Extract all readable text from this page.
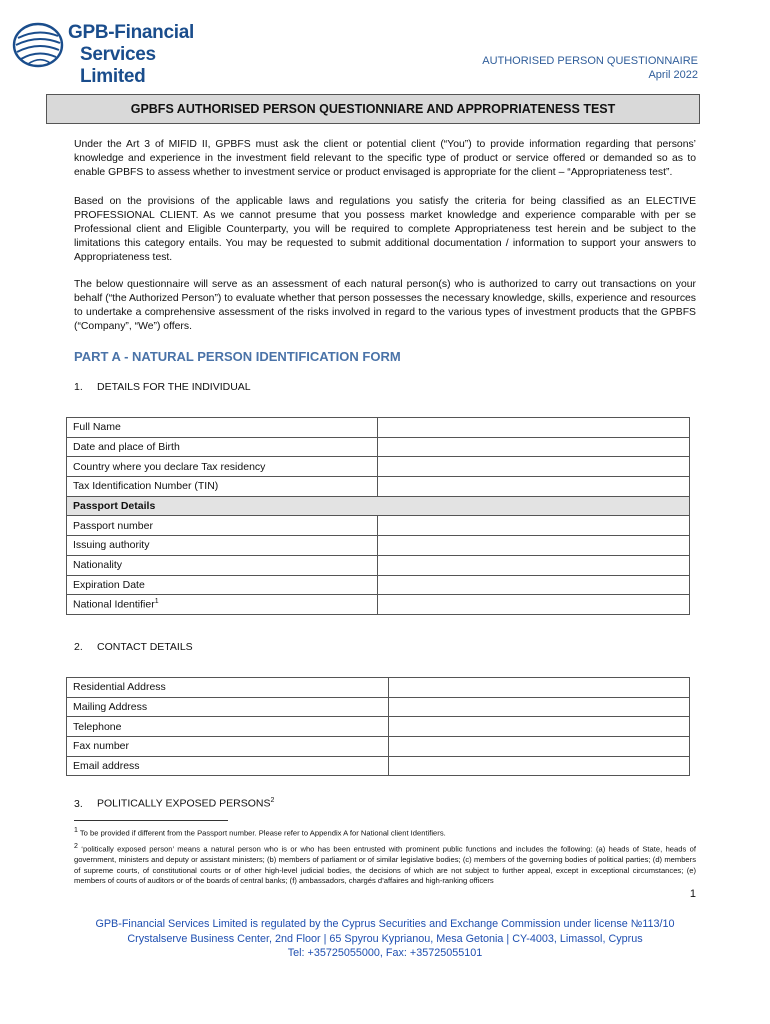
GPB-Financial
Services Limited
AUTHORISED PERSON QUESTIONNAIRE
April 2022
GPBFS AUTHORISED PERSON QUESTIONNIARE AND APPROPRIATENESS TEST
Under the Art 3 of MIFID II, GPBFS must ask the client or potential client (“You”) to provide information regarding that persons’ knowledge and experience in the investment field relevant to the specific type of product or service offered or demanded so as to enable GPBFS to assess whether to investment service or product envisaged is appropriate for the client – “Appropriateness test”.
Based on the provisions of the applicable laws and regulations you satisfy the criteria for being classified as an ELECTIVE PROFESSIONAL CLIENT. As we cannot presume that you possess market knowledge and experience comparable with per se Professional client and Eligible Counterparty, you will be required to complete Appropriateness test herein and be subject to the limitations this category entails. You may be requested to submit additional documentation / information to support your answers to Appropriateness test.
The below questionnaire will serve as an assessment of each natural person(s) who is authorized to carry out transactions on your behalf (“the Authorized Person”) to evaluate whether that person possesses the necessary knowledge, skills, experience and resources to undertake a comprehensive assessment of the risks involved in regard to the various types of investment products that the GPBFS (“Company”, “We”) offers.
PART A - NATURAL PERSON IDENTIFICATION FORM
1. DETAILS FOR THE INDIVIDUAL
Full Name	
Date and place of Birth	
Country where you declare Tax residency	
Tax Identification Number (TIN)	
Passport Details	
Passport number	
Issuing authority	
Nationality	
Expiration Date	
National Identifier$^1$	
2. CONTACT DETAILS
Residential Address	
Mailing Address	
Telephone	
Fax number	
Email address	
3. POLITICALLY EXPOSED PERSONS$^2$

$^1$ To be provided if different from the Passport number. Please refer to Appendix A for National client Identifiers.

$^2$ ‘politically exposed person’ means a natural person who is or who has been entrusted with prominent public functions and includes the following: (a) heads of State, heads of government, ministers and deputy or assistant ministers; (b) members of parliament or of similar legislative bodies; (c) members of the governing bodies of political parties; (d) members of supreme courts, of constitutional courts or of other high-level judicial bodies, the decisions of which are not subject to further appeal, except in exceptional circumstances; (e) members of courts of auditors or of the boards of central banks; (f) ambassadors, chargés d’affaires and high-ranking officers

1
GPB-Financial Services Limited is regulated by the Cyprus Securities and Exchange Commission under license №113/10
Crystalserve Business Center, 2nd Floor | 65 Spyrou Kyprianou, Mesa Getonia | CY-4003, Limassol, Cyprus
Tel: +35725055000, Fax: +35725055101
